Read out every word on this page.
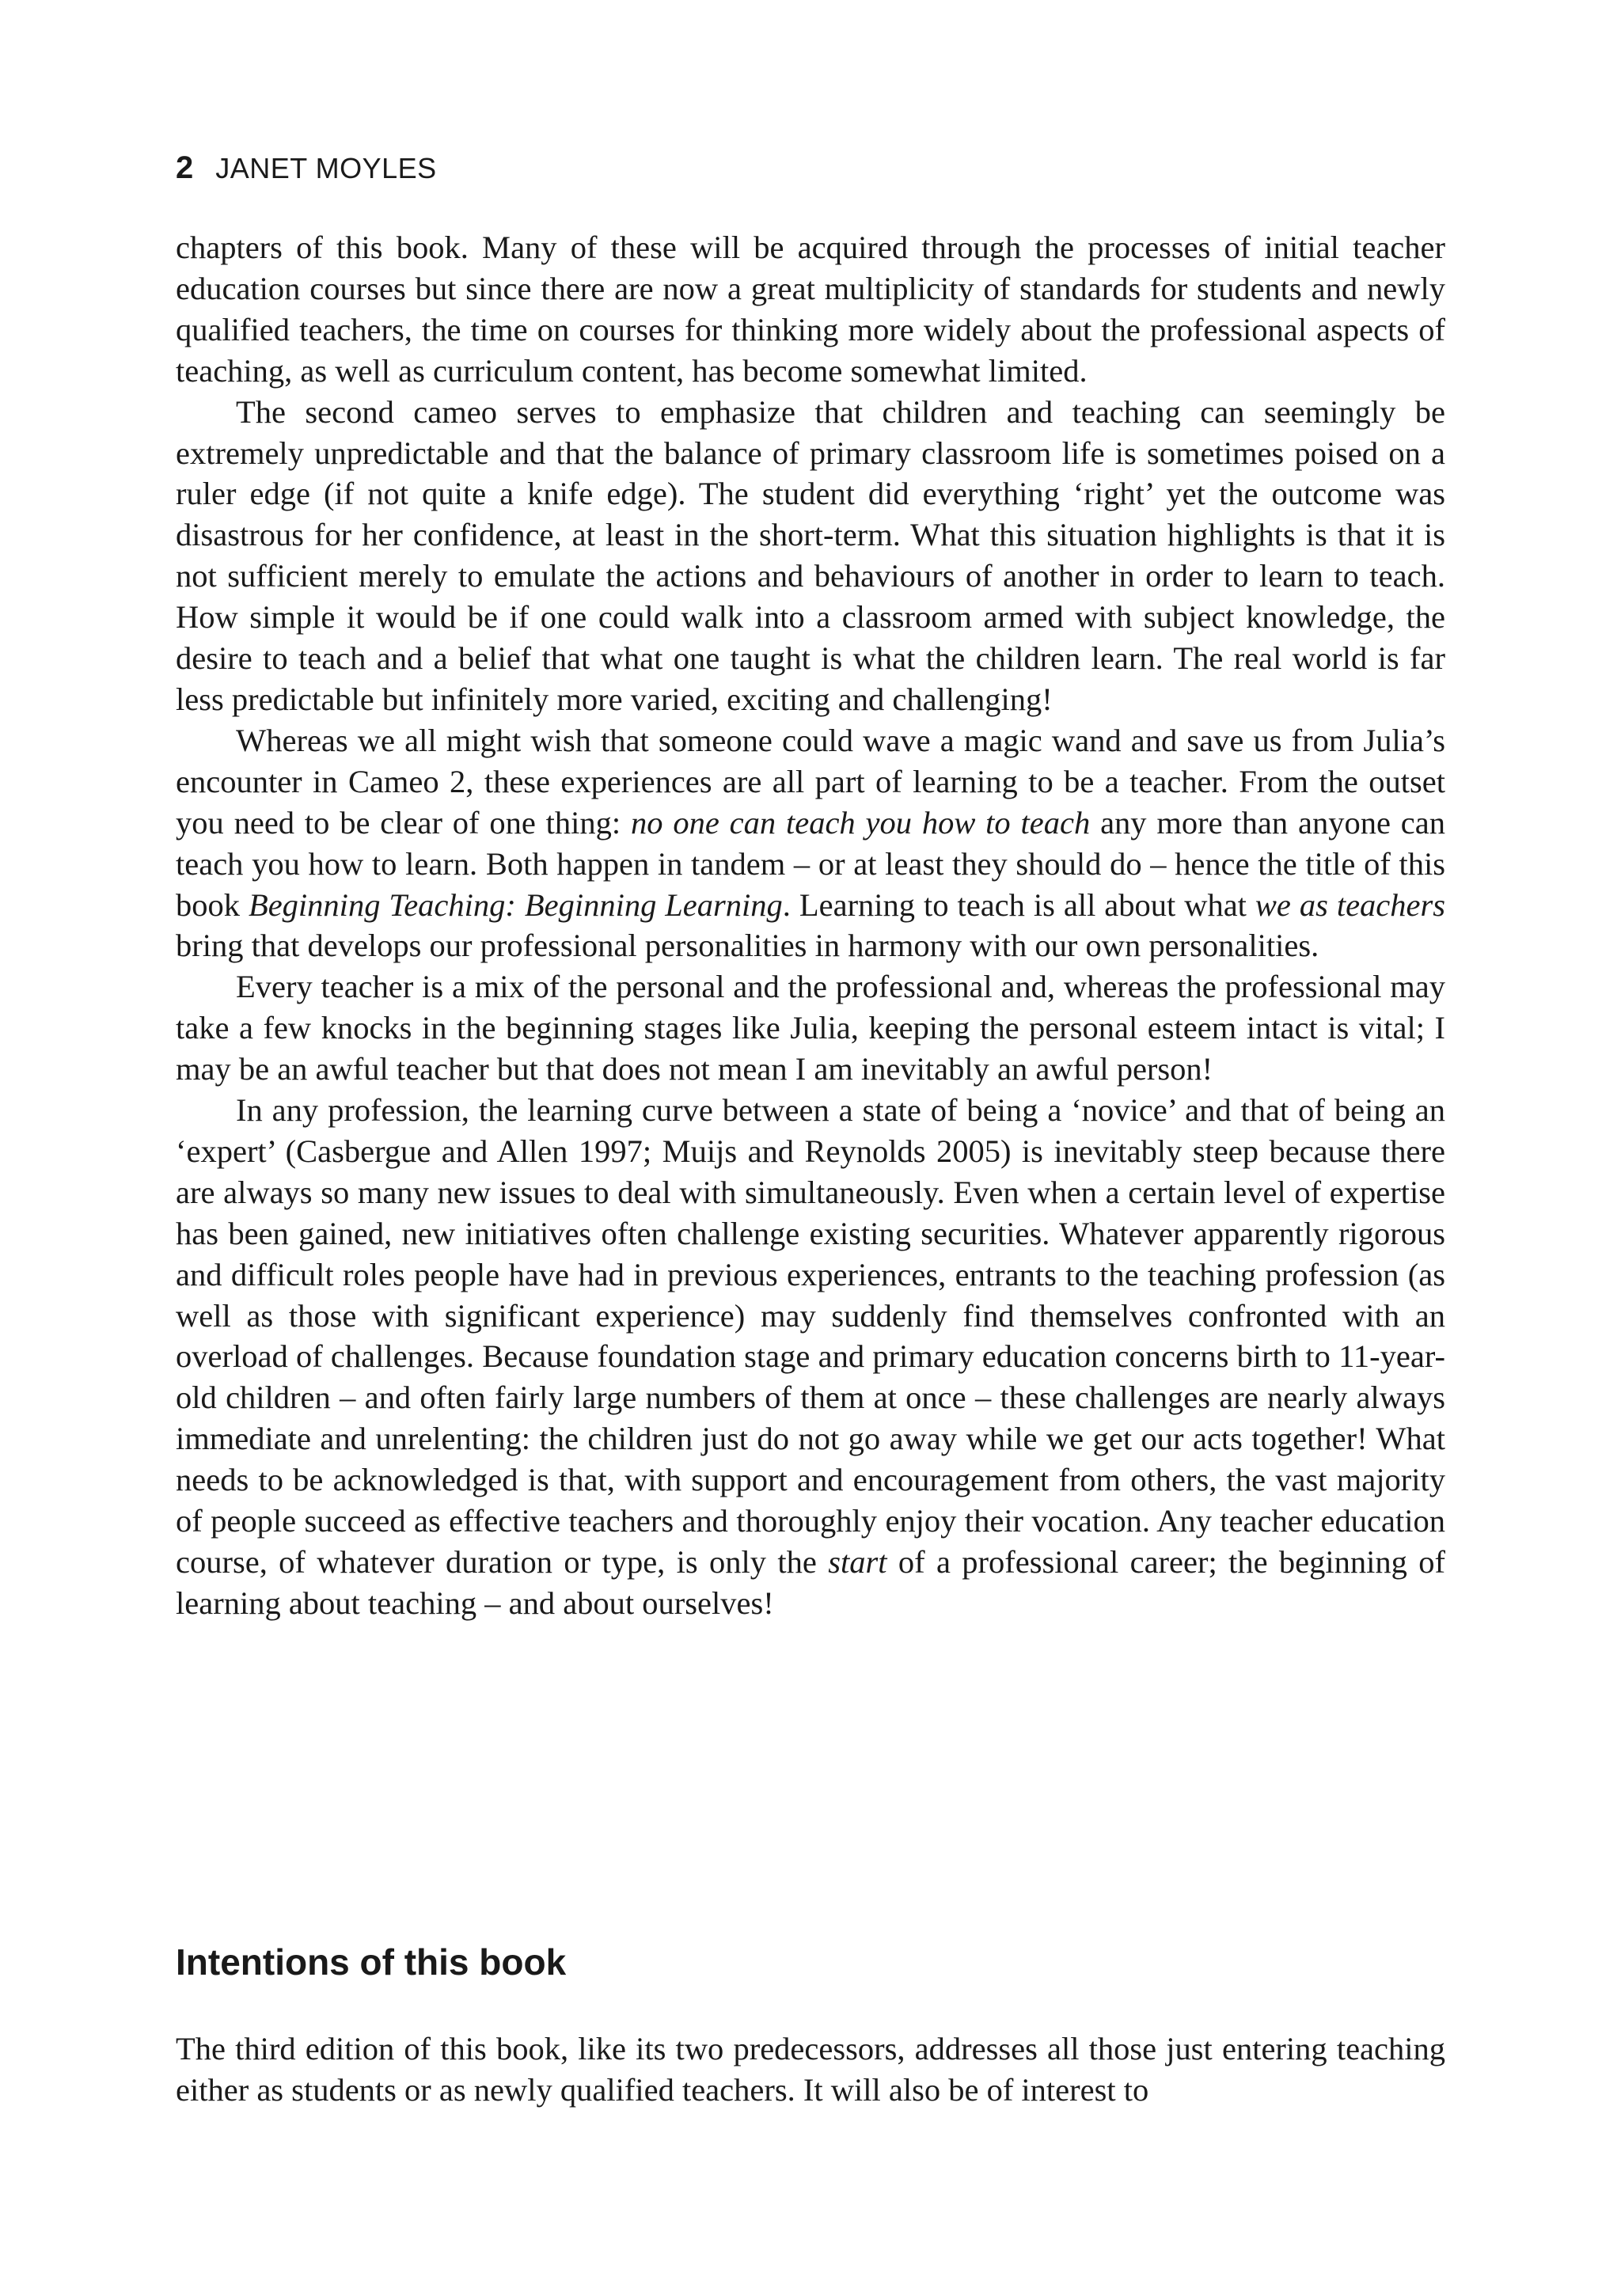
2 JANET MOYLES

chapters of this book. Many of these will be acquired through the processes of initial teacher education courses but since there are now a great multiplicity of standards for students and newly qualified teachers, the time on courses for thinking more widely about the professional aspects of teaching, as well as curriculum content, has become somewhat limited.

The second cameo serves to emphasize that children and teaching can seemingly be extremely unpredictable and that the balance of primary classroom life is sometimes poised on a ruler edge (if not quite a knife edge). The student did everything ‘right’ yet the outcome was disastrous for her confidence, at least in the short-term. What this situation highlights is that it is not sufficient merely to emulate the actions and behaviours of another in order to learn to teach. How simple it would be if one could walk into a classroom armed with subject knowledge, the desire to teach and a belief that what one taught is what the children learn. The real world is far less predictable but infinitely more varied, exciting and challenging!

Whereas we all might wish that someone could wave a magic wand and save us from Julia’s encounter in Cameo 2, these experiences are all part of learning to be a teacher. From the outset you need to be clear of one thing: no one can teach you how to teach any more than anyone can teach you how to learn. Both happen in tandem – or at least they should do – hence the title of this book Beginning Teaching: Beginning Learning. Learning to teach is all about what we as teachers bring that develops our professional personalities in harmony with our own personalities.

Every teacher is a mix of the personal and the professional and, whereas the professional may take a few knocks in the beginning stages like Julia, keeping the personal esteem intact is vital; I may be an awful teacher but that does not mean I am inevitably an awful person!

In any profession, the learning curve between a state of being a ‘novice’ and that of being an ‘expert’ (Casbergue and Allen 1997; Muijs and Reynolds 2005) is inevitably steep because there are always so many new issues to deal with simultaneously. Even when a certain level of expertise has been gained, new initiatives often challenge existing securities. Whatever apparently rigorous and difficult roles people have had in previous experiences, entrants to the teaching profession (as well as those with significant experience) may suddenly find themselves confronted with an overload of challenges. Because foundation stage and primary education concerns birth to 11-year-old children – and often fairly large numbers of them at once – these challenges are nearly always immediate and unrelenting: the children just do not go away while we get our acts together! What needs to be acknowledged is that, with support and encouragement from others, the vast majority of people succeed as effective teachers and thoroughly enjoy their vocation. Any teacher education course, of whatever duration or type, is only the start of a professional career; the beginning of learning about teaching – and about ourselves!

Intentions of this book

The third edition of this book, like its two predecessors, addresses all those just entering teaching either as students or as newly qualified teachers. It will also be of interest to
